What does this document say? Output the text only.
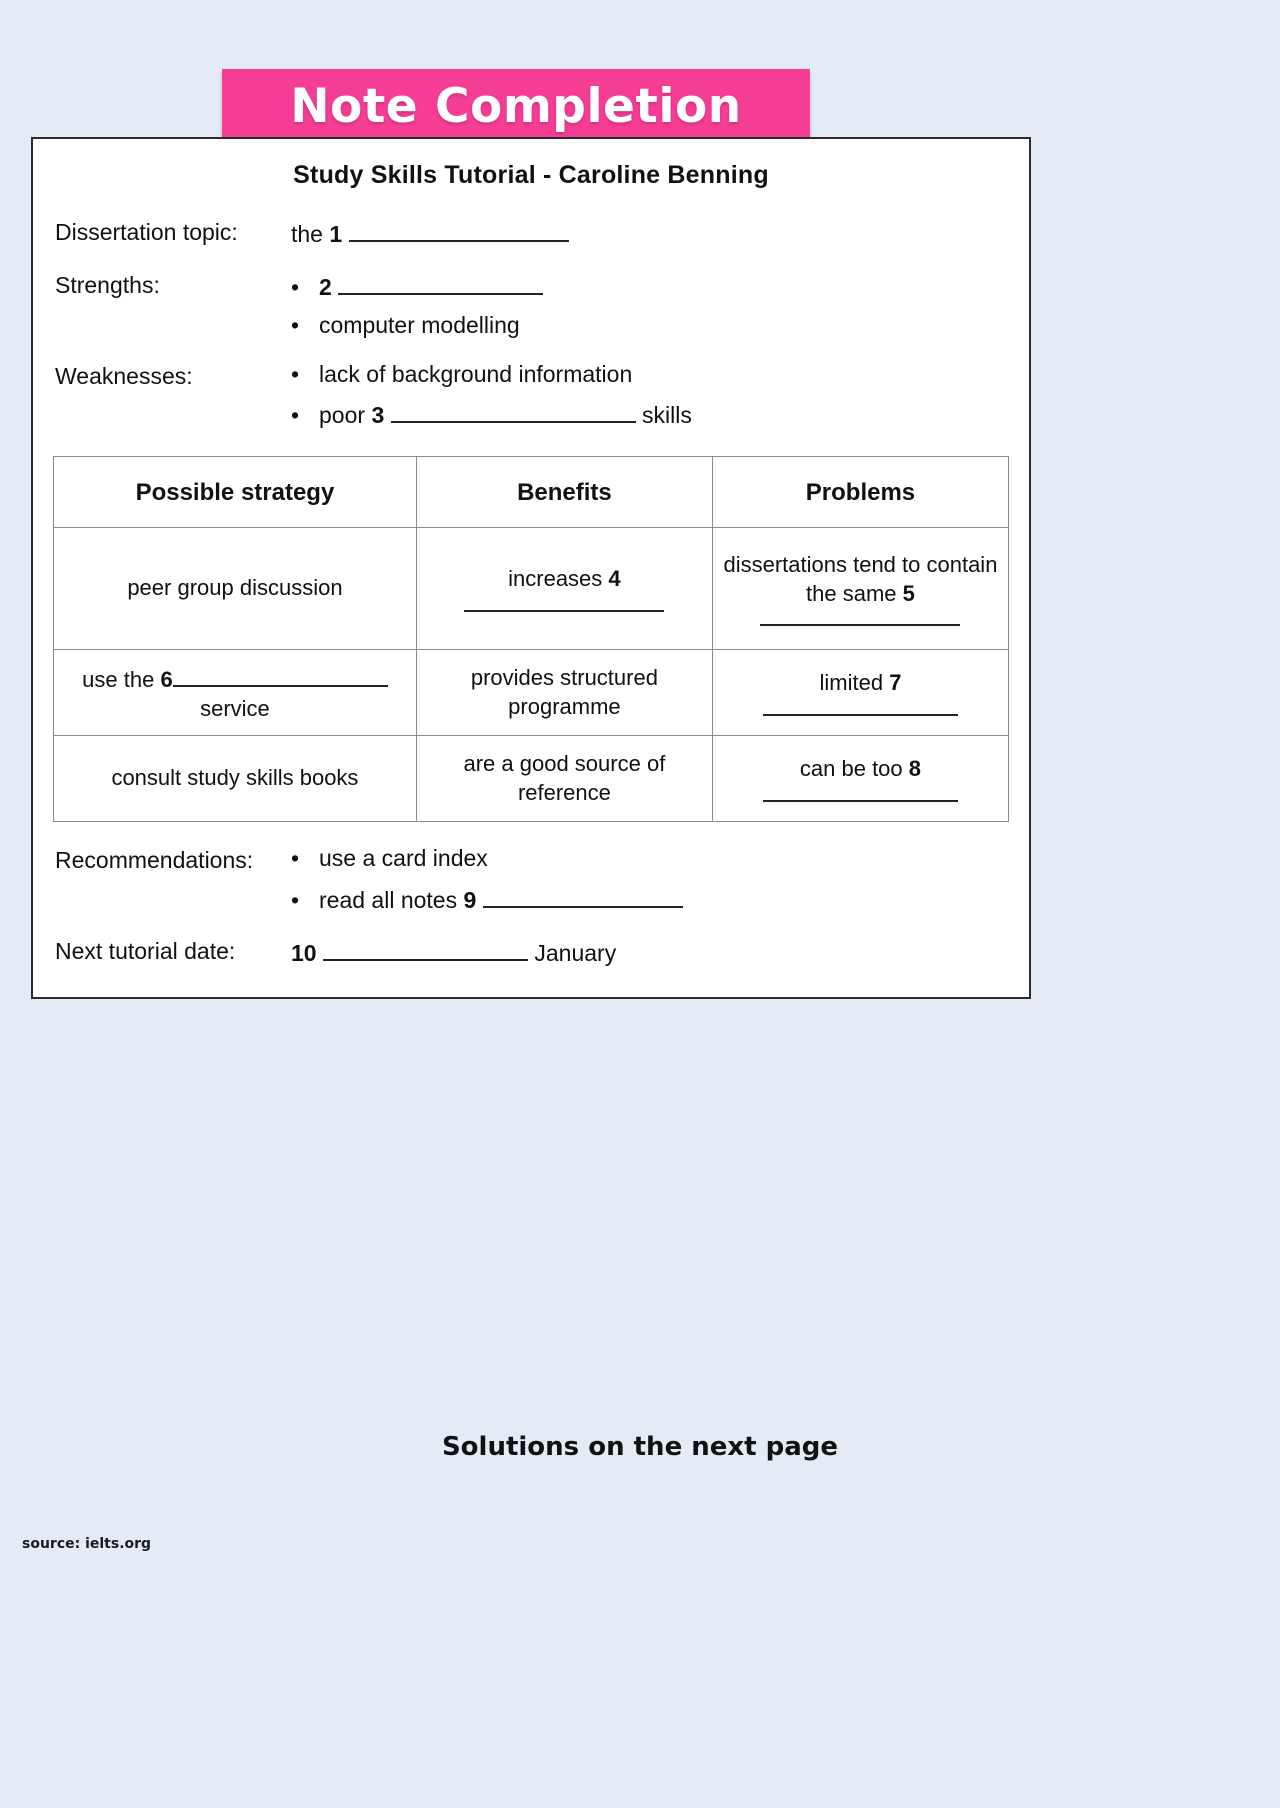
Note Completion
Study Skills Tutorial - Caroline Benning
Dissertation topic:	the
1

Strengths:	• 2

• computer modelling
Weaknesses:	• lack of background information
• poor
3

	skills
Possible strategy	Benefits	Problems
peer group discussion	increases 4	dissertations tend to contain the same 5

use the 6
service	provides structured programme	limited 7

consult study skills books	are a good source of reference	can be too 8
Recommendations:	• use a card index
• read all notes
9

Next tutorial date:	10

	January
Solutions on the next page
source: ielts.org
